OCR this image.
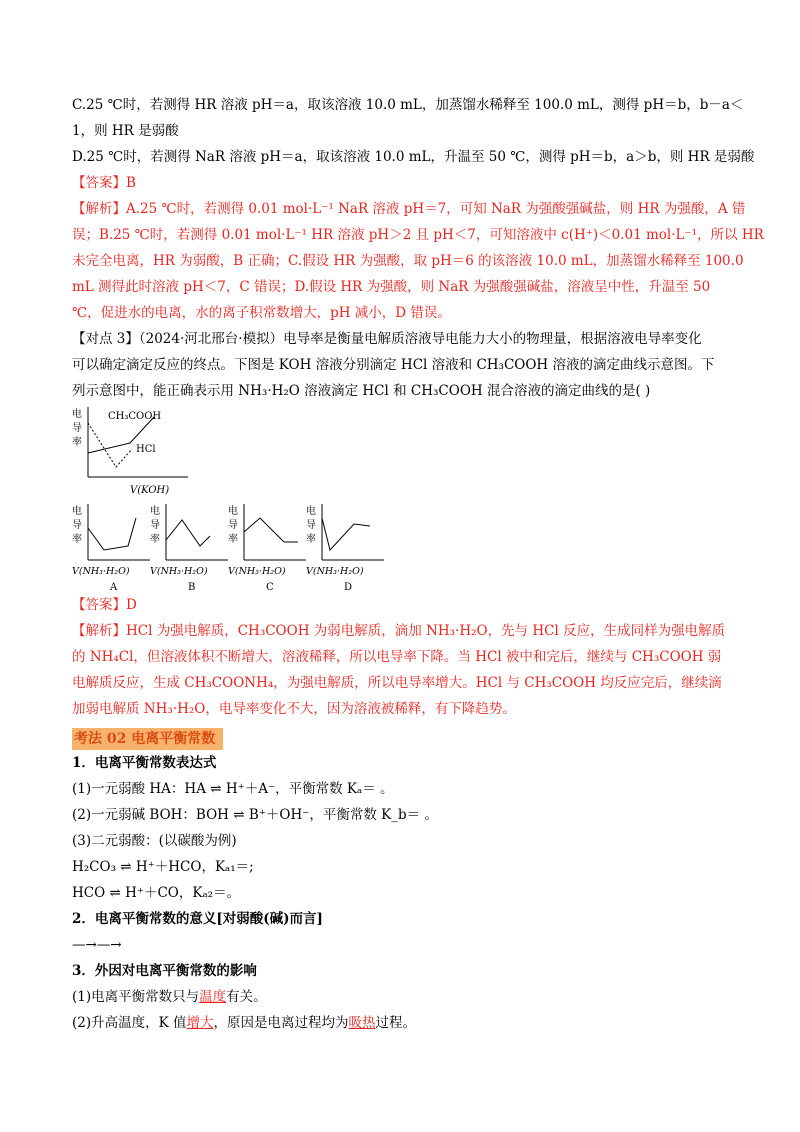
C.25 ℃时，若测得 HR 溶液 pH＝a，取该溶液 10.0 mL，加蒸馏水稀释至 100.0 mL，测得 pH＝b，b－a＜
1，则 HR 是弱酸
D.25 ℃时，若测得 NaR 溶液 pH＝a，取该溶液 10.0 mL，升温至 50 ℃，测得 pH＝b，a＞b，则 HR 是弱酸
【答案】B
【解析】A.25 ℃时，若测得 0.01 mol·L⁻¹ NaR 溶液 pH＝7，可知 NaR 为强酸强碱盐，则 HR 为强酸，A 错
误；B.25 ℃时，若测得 0.01 mol·L⁻¹ HR 溶液 pH＞2 且 pH＜7，可知溶液中 c(H⁺)＜0.01 mol·L⁻¹，所以 HR
未完全电离，HR 为弱酸，B 正确；C.假设 HR 为强酸，取 pH＝6 的该溶液 10.0 mL，加蒸馏水稀释至 100.0
mL 测得此时溶液 pH＜7，C 错误；D.假设 HR 为强酸，则 NaR 为强酸强碱盐，溶液呈中性，升温至 50
℃，促进水的电离，水的离子积常数增大，pH 减小，D 错误。
【对点 3】（2024·河北邢台·模拟）电导率是衡量电解质溶液导电能力大小的物理量，根据溶液电导率变化
可以确定滴定反应的终点。下图是 KOH 溶液分别滴定 HCl 溶液和 CH₃COOH 溶液的滴定曲线示意图。下
列示意图中，能正确表示用 NH₃·H₂O 溶液滴定 HCl 和 CH₃COOH 混合溶液的滴定曲线的是( )
【答案】D
【解析】HCl 为强电解质，CH₃COOH 为弱电解质，滴加 NH₃·H₂O，先与 HCl 反应，生成同样为强电解质
的 NH₄Cl，但溶液体积不断增大，溶液稀释，所以电导率下降。当 HCl 被中和完后，继续与 CH₃COOH 弱
电解质反应，生成 CH₃COONH₄，为强电解质，所以电导率增大。HCl 与 CH₃COOH 均反应完后，继续滴
加弱电解质 NH₃·H₂O，电导率变化不大，因为溶液被稀释，有下降趋势。
考法 02 电离平衡常数
1．电离平衡常数表达式
(1)一元弱酸 HA：HA ⇌ H⁺＋A⁻，平衡常数 Kₐ＝ 。
(2)一元弱碱 BOH：BOH ⇌ B⁺＋OH⁻，平衡常数 K_b＝ 。
(3)二元弱酸：(以碳酸为例)
H₂CO₃ ⇌ H⁺＋HCO，Kₐ₁＝;
HCO ⇌ H⁺＋CO，Kₐ₂＝。
2．电离平衡常数的意义[对弱酸(碱)而言]
—→—→
3．外因对电离平衡常数的影响
(1)电离平衡常数只与温度有关。
(2)升高温度，K 值增大，原因是电离过程均为吸热过程。
电
导
率
CH₃COOH
HCl
V(KOH)
电
导
率
V(NH₃·H₂O)
A
电
导
率
V(NH₃·H₂O)
B
电
导
率
V(NH₃·H₂O)
C
电
导
率
V(NH₃·H₂O)
D
